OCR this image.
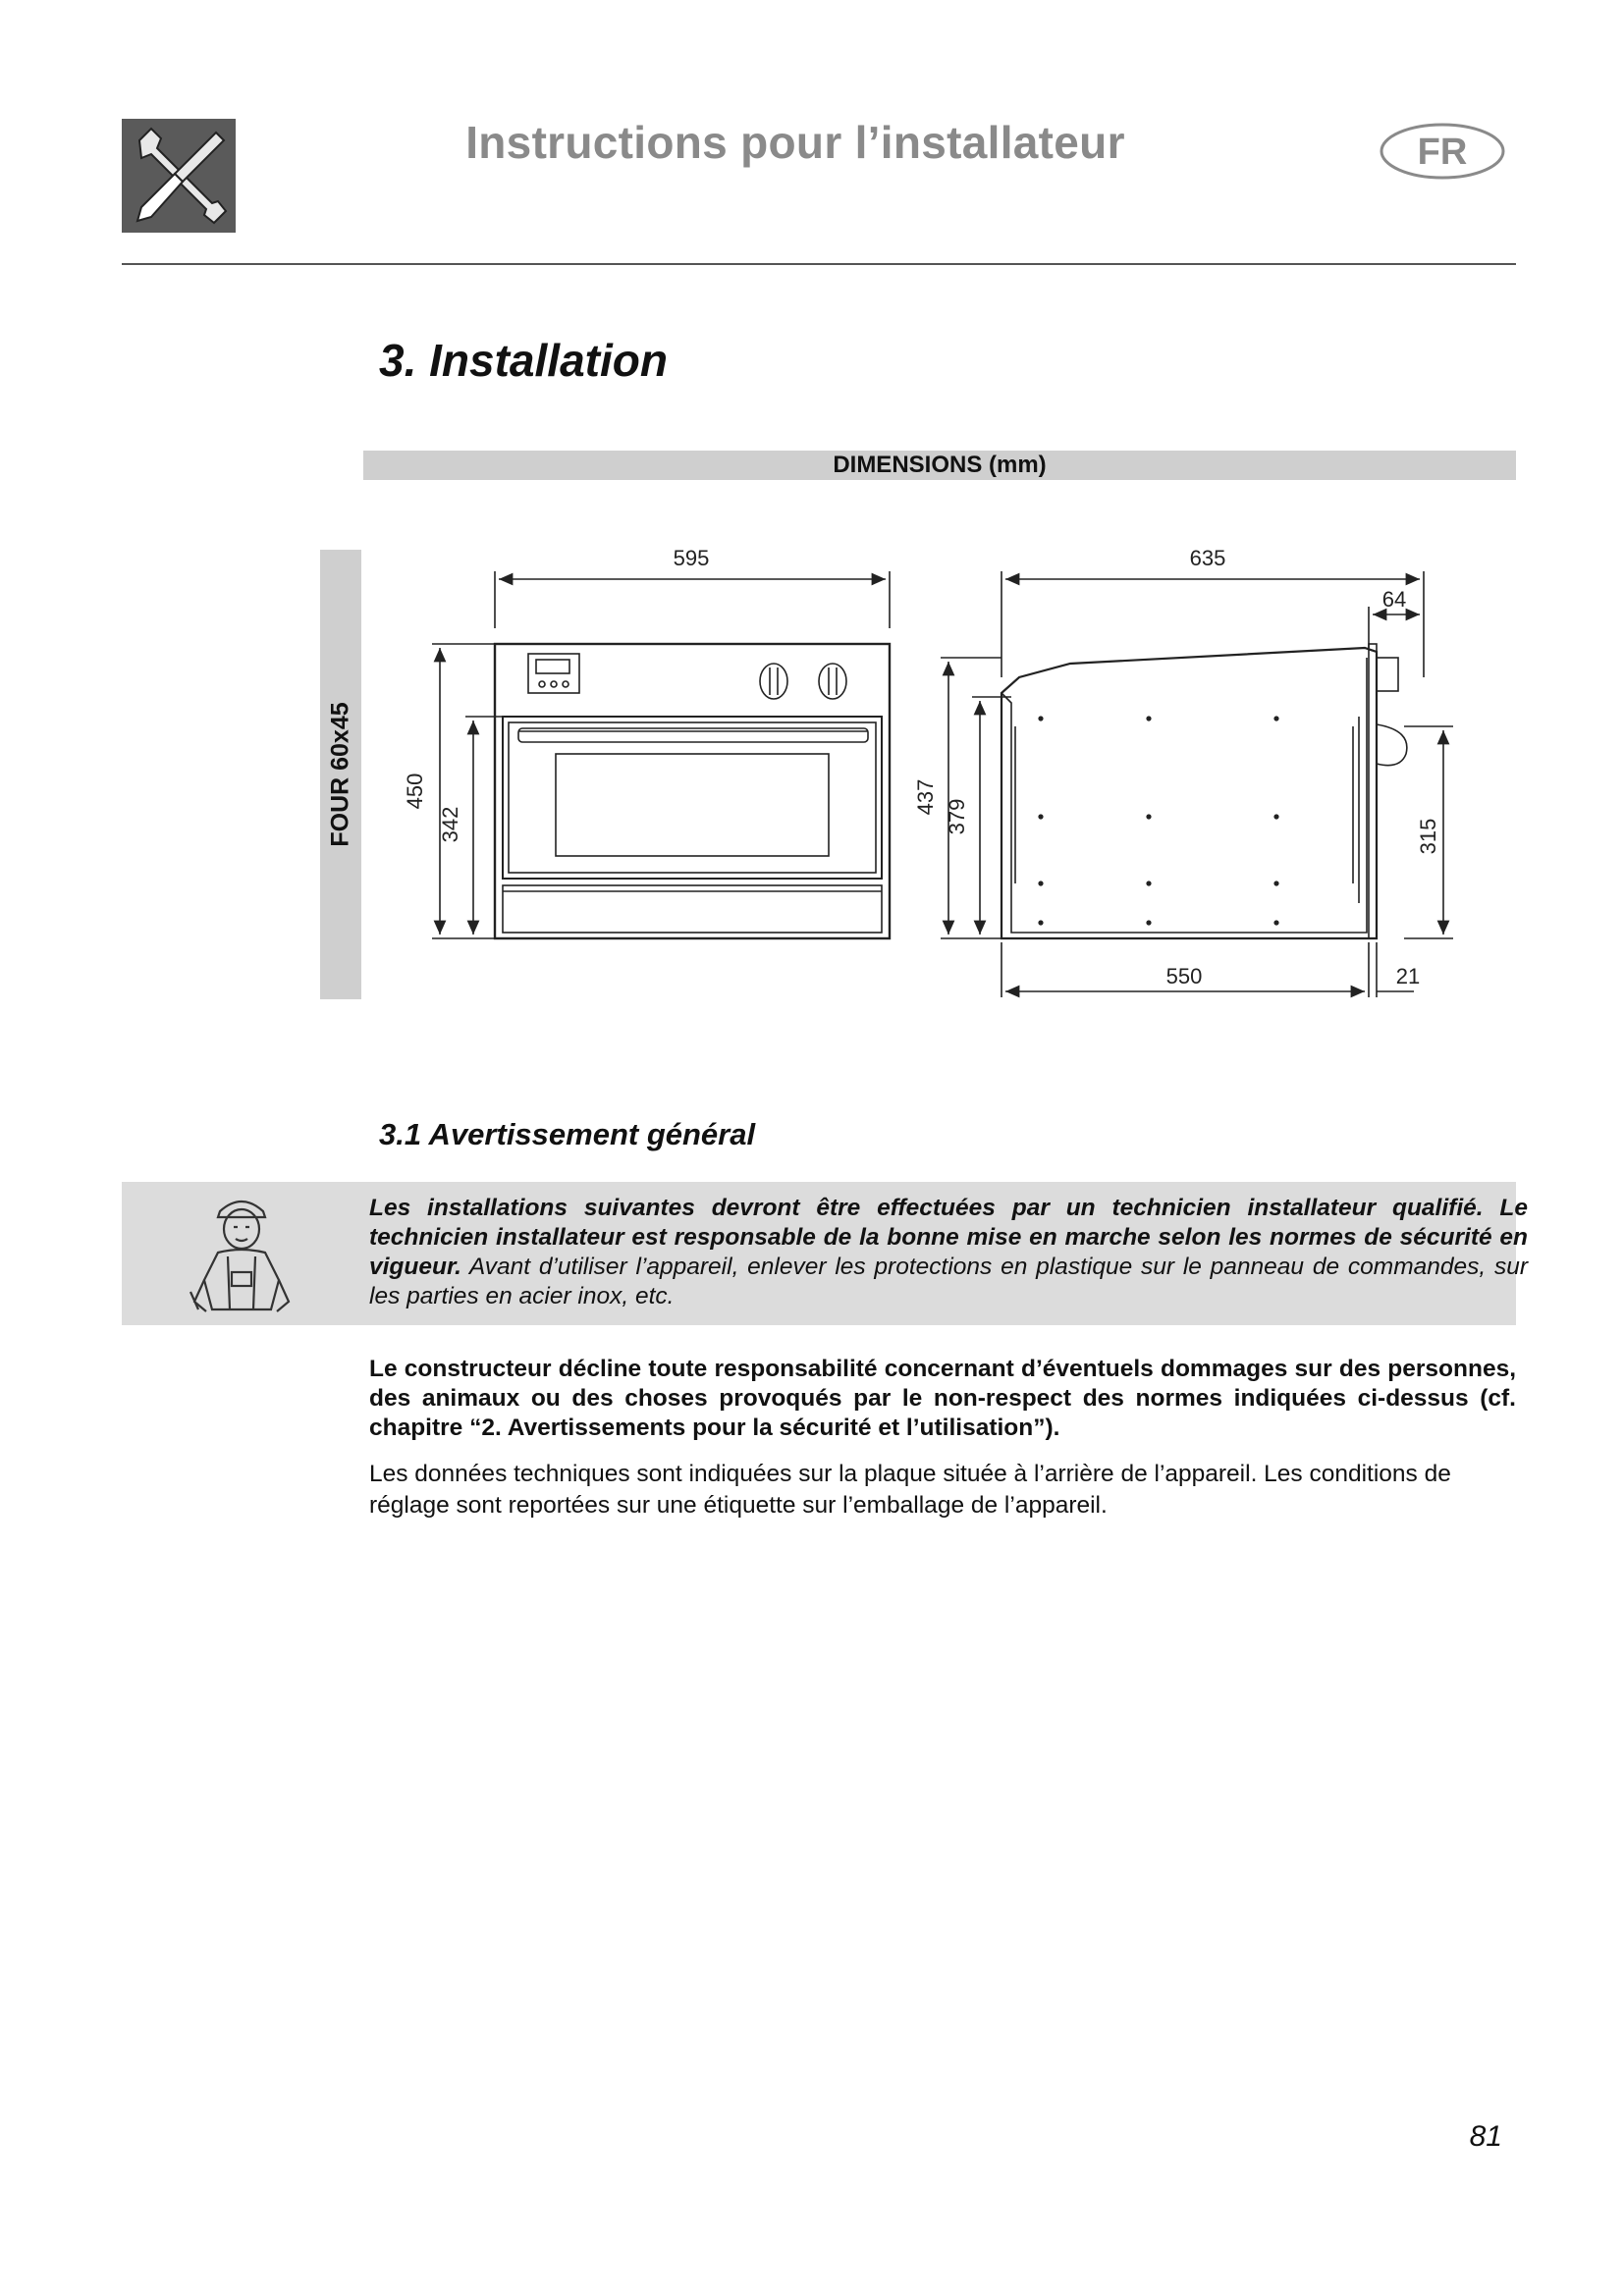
Instructions pour l’installateur	FR
3. Installation
DIMENSIONS (mm)
FOUR 60x45
595
450
342
635
64
437
379
315
550	21
3.1 Avertissement général
Les installations suivantes devront être effectuées par un technicien installateur qualifié. Le technicien installateur est responsable de la bonne mise en marche selon les normes de sécurité en vigueur. Avant d’utiliser l’appareil, enlever les protections en plastique sur le panneau de commandes, sur les parties en acier inox, etc.
Le constructeur décline toute responsabilité concernant d’éventuels dommages sur des personnes, des animaux ou des choses provoqués par le non-respect des normes indiquées ci-dessus (cf. chapitre “2. Avertissements pour la sécurité et l’utilisation”).
Les données techniques sont indiquées sur la plaque située à l’arrière de l’appareil. Les conditions de réglage sont reportées sur une étiquette sur l’emballage de l’appareil.
81
